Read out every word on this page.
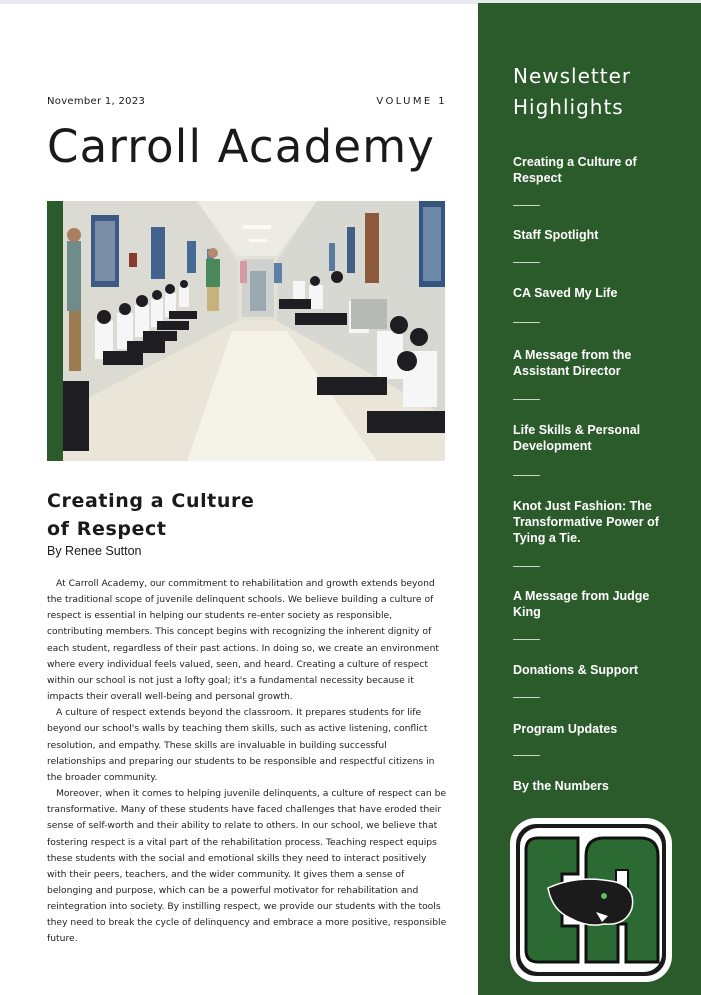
November 1, 2023	VOLUME 1
Carroll Academy
Creating a Culture
of Respect
By Renee Sutton

At Carroll Academy, our commitment to rehabilitation and growth extends beyond the traditional scope of juvenile delinquent schools. We believe building a culture of respect is essential in helping our students re-enter society as responsible, contributing members. This concept begins with recognizing the inherent dignity of each student, regardless of their past actions. In doing so, we create an environment where every individual feels valued, seen, and heard. Creating a culture of respect within our school is not just a lofty goal; it's a fundamental necessity because it impacts their overall well-being and personal growth.

A culture of respect extends beyond the classroom. It prepares students for life beyond our school's walls by teaching them skills, such as active listening, conflict resolution, and empathy. These skills are invaluable in building successful relationships and preparing our students to be responsible and respectful citizens in the broader community.

Moreover, when it comes to helping juvenile delinquents, a culture of respect can be transformative. Many of these students have faced challenges that have eroded their sense of self-worth and their ability to relate to others. In our school, we believe that fostering respect is a vital part of the rehabilitation process. Teaching respect equips these students with the social and emotional skills they need to interact positively with their peers, teachers, and the wider community. It gives them a sense of belonging and purpose, which can be a powerful motivator for rehabilitation and reintegration into society. By instilling respect, we provide our students with the tools they need to break the cycle of delinquency and embrace a more positive, responsible future.

Newsletter
Highlights
Creating a Culture of Respect
Staff Spotlight
CA Saved My Life
A Message from the Assistant Director
Life Skills & Personal Development
Knot Just Fashion: The Transformative Power of Tying a Tie.
A Message from Judge King
Donations & Support
Program Updates
By the Numbers
